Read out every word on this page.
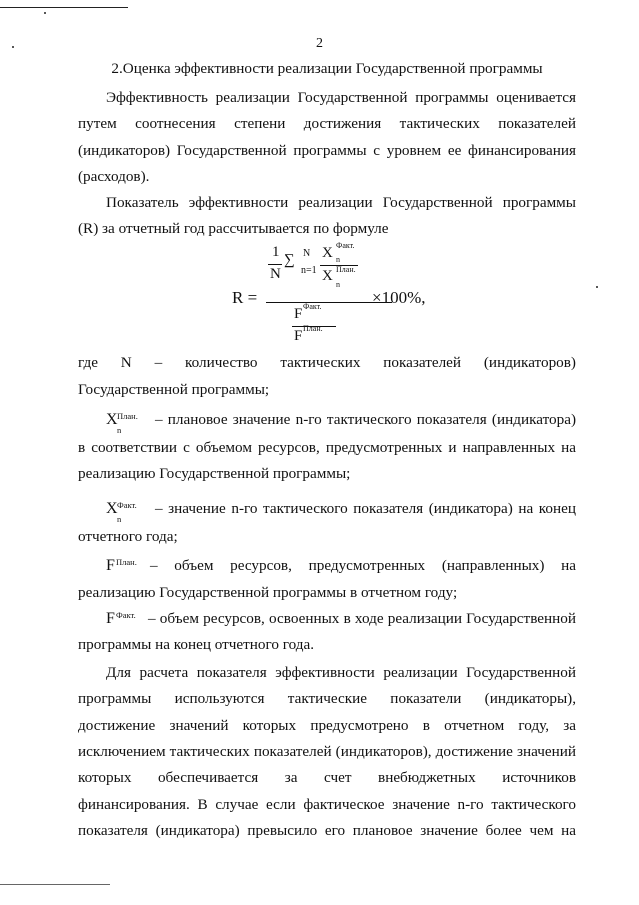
2
2.Оценка эффективности реализации Государственной программы
Эффективность реализации Государственной программы оценивается
путем соотнесения степени достижения тактических показателей
(индикаторов) Государственной программы с уровнем ее финансирования
(расходов).
Показатель эффективности реализации Государственной программы
(R) за отчетный год рассчитывается по формуле
R =
1
N
∑ N
n=1
X Факт.
n
X План.
n
F Факт.
F План.
×100%,
где N – количество тактических показателей (индикаторов)
Государственной программы;
X План.
n
– плановое значение n-го тактического показателя (индикатора)
в соответствии с объемом ресурсов, предусмотренных и направленных на
реализацию Государственной программы;
X Факт.
n
– значение n-го тактического показателя (индикатора) на конец
отчетного года;
F План. – объем ресурсов, предусмотренных (направленных) на
реализацию Государственной программы в отчетном году;
F Факт. – объем ресурсов, освоенных в ходе реализации Государственной
программы на конец отчетного года.
Для расчета показателя эффективности реализации Государственной
программы используются тактические показатели (индикаторы),
достижение значений которых предусмотрено в отчетном году, за
исключением тактических показателей (индикаторов), достижение значений
которых обеспечивается за счет внебюджетных источников
финансирования. В случае если фактическое значение n-го тактического
показателя (индикатора) превысило его плановое значение более чем на
